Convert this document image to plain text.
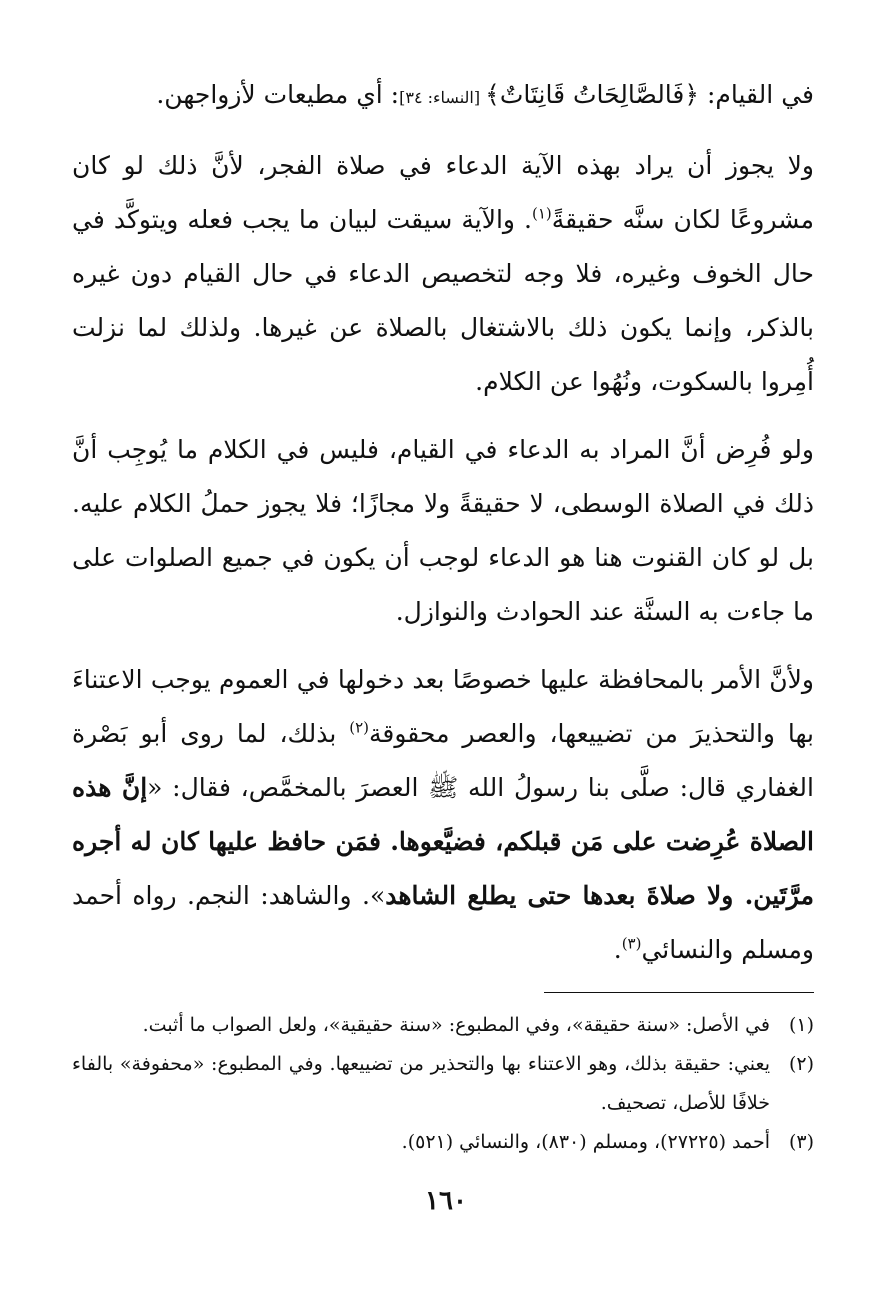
في القيام: ﴿فَالصَّالِحَاتُ قَانِتَاتٌ﴾ [النساء: ٣٤]: أي مطيعات لأزواجهن.

ولا يجوز أن يراد بهذه الآية الدعاء في صلاة الفجر، لأنَّ ذلك لو كان مشروعًا لكان سنَّه حقيقةً$^{(١)}$. والآية سيقت لبيان ما يجب فعله ويتوكَّد في حال الخوف وغيره، فلا وجه لتخصيص الدعاء في حال القيام دون غيره بالذكر، وإنما يكون ذلك بالاشتغال بالصلاة عن غيرها. ولذلك لما نزلت أُمِروا بالسكوت، ونُهُوا عن الكلام.

ولو فُرِض أنَّ المراد به الدعاء في القيام، فليس في الكلام ما يُوجِب أنَّ ذلك في الصلاة الوسطى، لا حقيقةً ولا مجازًا؛ فلا يجوز حملُ الكلام عليه. بل لو كان القنوت هنا هو الدعاء لوجب أن يكون في جميع الصلوات على ما جاءت به السنَّة عند الحوادث والنوازل.

ولأنَّ الأمر بالمحافظة عليها خصوصًا بعد دخولها في العموم يوجب الاعتناءَ بها والتحذيرَ من تضييعها، والعصر محقوقة$^{(٢)}$ بذلك، لما روى أبو بَصْرة الغفاري قال: صلَّى بنا رسولُ الله ﷺ العصرَ بالمخمَّص، فقال: «إنَّ هذه الصلاة عُرِضت على مَن قبلكم، فضيَّعوها. فمَن حافظ عليها كان له أجره مرَّتَين. ولا صلاةَ بعدها حتى يطلع الشاهد». والشاهد: النجم. رواه أحمد ومسلم والنسائي$^{(٣)}$.

(١)
في الأصل: «سنة حقيقة»، وفي المطبوع: «سنة حقيقية»، ولعل الصواب ما أثبت.
(٢)
يعني: حقيقة بذلك، وهو الاعتناء بها والتحذير من تضييعها. وفي المطبوع: «محفوفة» بالفاء خلافًا للأصل، تصحيف.
(٣)
أحمد (٢٧٢٢٥)، ومسلم (٨٣٠)، والنسائي (٥٢١).
١٦٠
